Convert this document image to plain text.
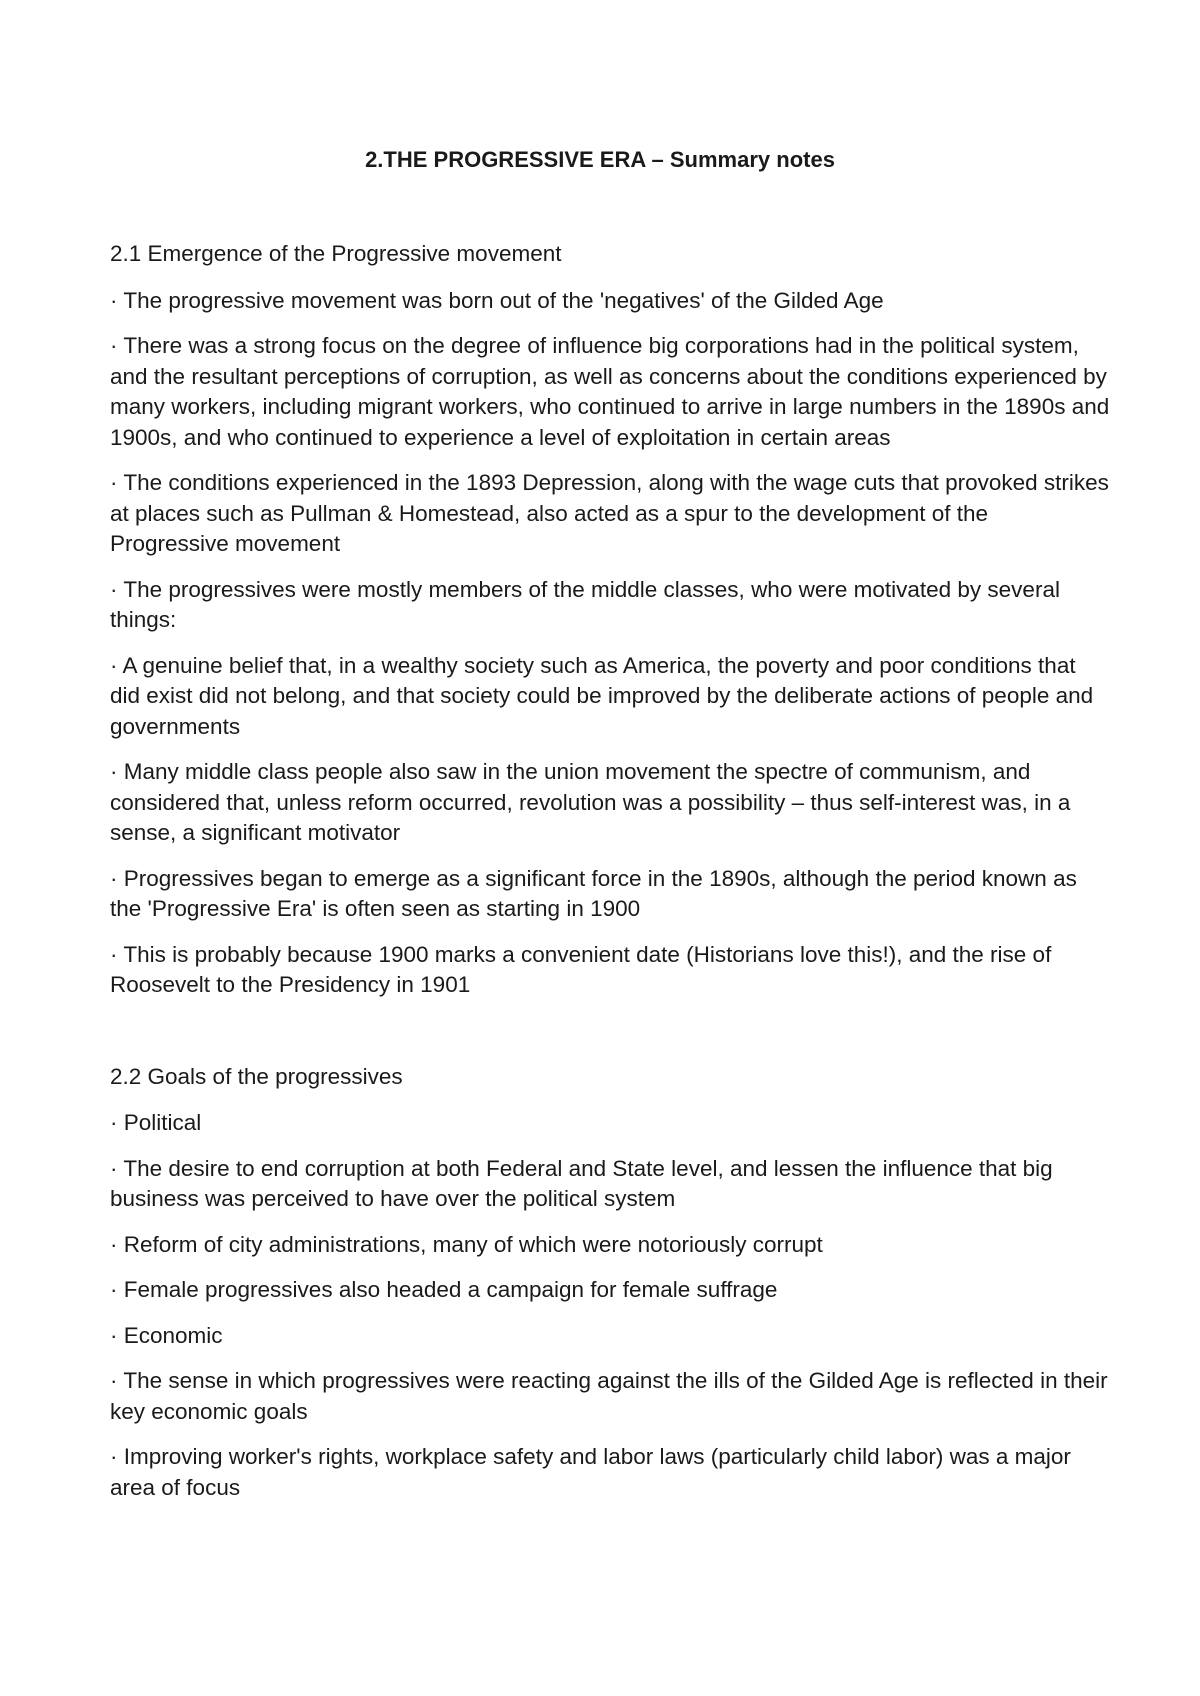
2.THE PROGRESSIVE ERA – Summary notes

2.1 Emergence of the Progressive movement

· The progressive movement was born out of the 'negatives' of the Gilded Age

· There was a strong focus on the degree of influence big corporations had in the political system, and the resultant perceptions of corruption, as well as concerns about the conditions experienced by many workers, including migrant workers, who continued to arrive in large numbers in the 1890s and 1900s, and who continued to experience a level of exploitation in certain areas

· The conditions experienced in the 1893 Depression, along with the wage cuts that provoked strikes at places such as Pullman & Homestead, also acted as a spur to the development of the Progressive movement

· The progressives were mostly members of the middle classes, who were motivated by several things:

· A genuine belief that, in a wealthy society such as America, the poverty and poor conditions that did exist did not belong, and that society could be improved by the deliberate actions of people and governments

· Many middle class people also saw in the union movement the spectre of communism, and considered that, unless reform occurred, revolution was a possibility – thus self-interest was, in a sense, a significant motivator

· Progressives began to emerge as a significant force in the 1890s, although the period known as the 'Progressive Era' is often seen as starting in 1900

· This is probably because 1900 marks a convenient date (Historians love this!), and the rise of Roosevelt to the Presidency in 1901

2.2 Goals of the progressives

· Political

· The desire to end corruption at both Federal and State level, and lessen the influence that big business was perceived to have over the political system

· Reform of city administrations, many of which were notoriously corrupt

· Female progressives also headed a campaign for female suffrage

· Economic

· The sense in which progressives were reacting against the ills of the Gilded Age is reflected in their key economic goals

· Improving worker's rights, workplace safety and labor laws (particularly child labor) was a major area of focus
